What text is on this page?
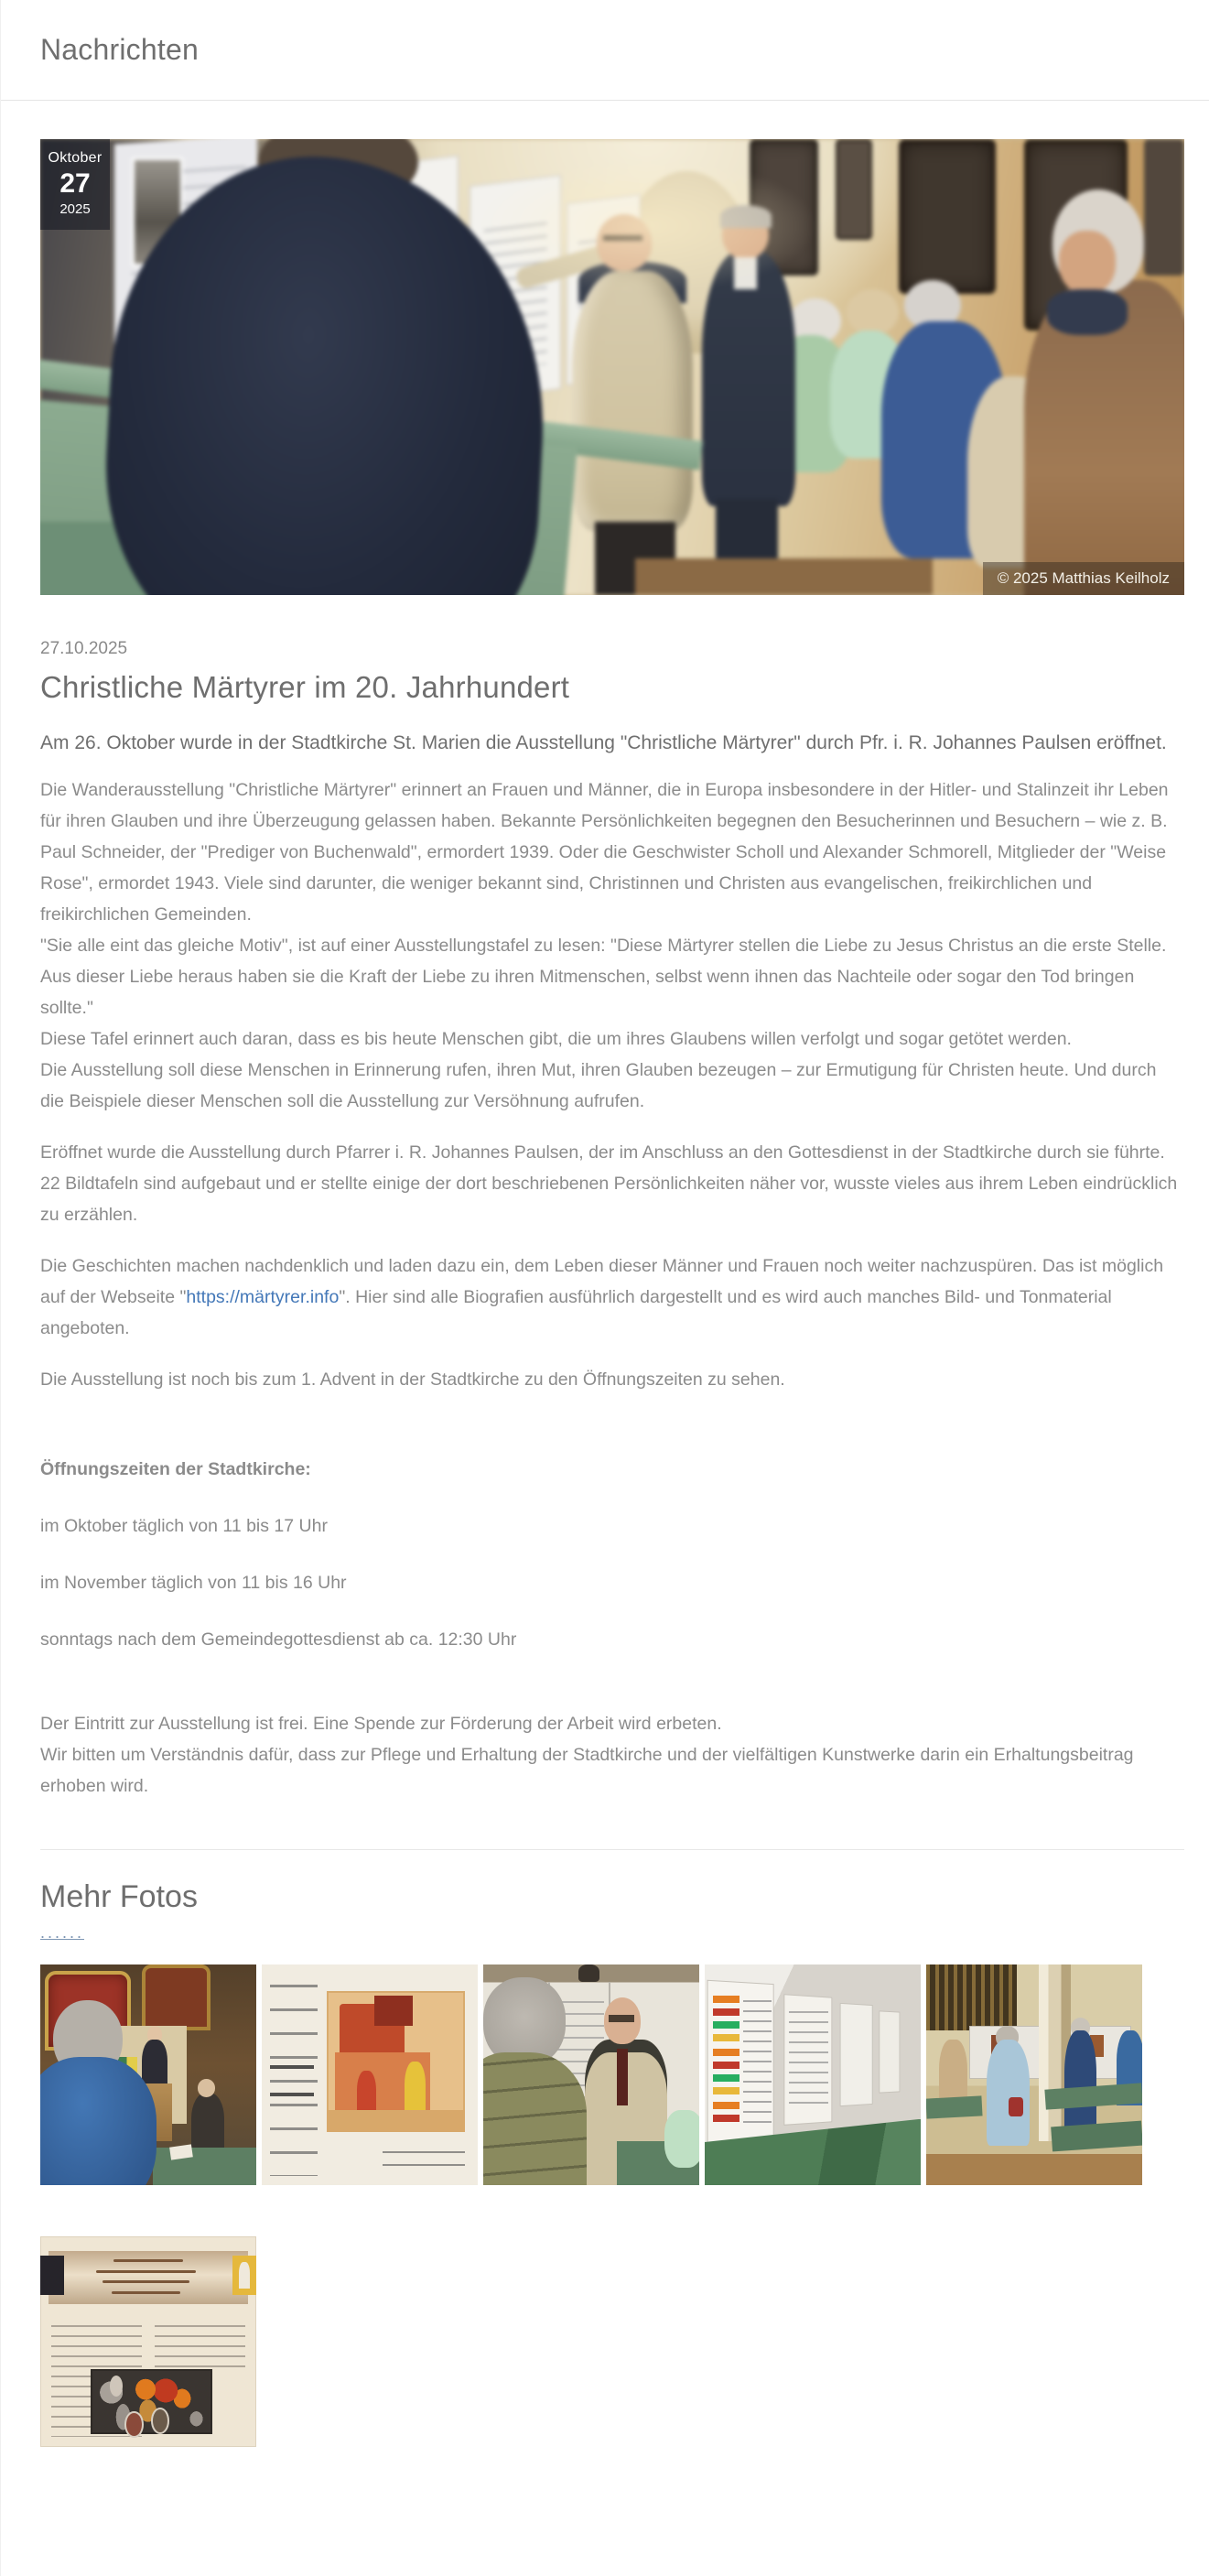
Nachrichten
Oktober
27
2025
© 2025 Matthias Keilholz

27.10.2025

Christliche Märtyrer im 20. Jahrhundert

Am 26. Oktober wurde in der Stadtkirche St. Marien die Ausstellung "Christliche Märtyrer" durch Pfr. i. R. Johannes Paulsen eröffnet.

Die Wanderausstellung "Christliche Märtyrer" erinnert an Frauen und Männer, die in Europa insbesondere in der Hitler- und Stalinzeit ihr Leben für ihren Glauben und ihre Überzeugung gelassen haben. Bekannte Persönlichkeiten begegnen den Besucherinnen und Besuchern – wie z. B. Paul Schneider, der "Prediger von Buchenwald", ermordert 1939. Oder die Geschwister Scholl und Alexander Schmorell, Mitglieder der "Weise Rose", ermordet 1943. Viele sind darunter, die weniger bekannt sind, Christinnen und Christen aus evangelischen, freikirchlichen und freikirchlichen Gemeinden.

"Sie alle eint das gleiche Motiv", ist auf einer Ausstellungstafel zu lesen: "Diese Märtyrer stellen die Liebe zu Jesus Christus an die erste Stelle. Aus dieser Liebe heraus haben sie die Kraft der Liebe zu ihren Mitmenschen, selbst wenn ihnen das Nachteile oder sogar den Tod bringen sollte."

Diese Tafel erinnert auch daran, dass es bis heute Menschen gibt, die um ihres Glaubens willen verfolgt und sogar getötet werden.

Die Ausstellung soll diese Menschen in Erinnerung rufen, ihren Mut, ihren Glauben bezeugen – zur Ermutigung für Christen heute. Und durch die Beispiele dieser Menschen soll die Ausstellung zur Versöhnung aufrufen.

Eröffnet wurde die Ausstellung durch Pfarrer i. R. Johannes Paulsen, der im Anschluss an den Gottesdienst in der Stadtkirche durch sie führte. 22 Bildtafeln sind aufgebaut und er stellte einige der dort beschriebenen Persönlichkeiten näher vor, wusste vieles aus ihrem Leben eindrücklich zu erzählen.

Die Geschichten machen nachdenklich und laden dazu ein, dem Leben dieser Männer und Frauen noch weiter nachzuspüren. Das ist möglich auf der Webseite "https://märtyrer.info". Hier sind alle Biografien ausführlich dargestellt und es wird auch manches Bild- und Tonmaterial angeboten.

Die Ausstellung ist noch bis zum 1. Advent in der Stadtkirche zu den Öffnungszeiten zu sehen.

Öffnungszeiten der Stadtkirche:

im Oktober täglich von 11 bis 17 Uhr

im November täglich von 11 bis 16 Uhr

sonntags nach dem Gemeindegottesdienst ab ca. 12:30 Uhr

Der Eintritt zur Ausstellung ist frei. Eine Spende zur Förderung der Arbeit wird erbeten.

Wir bitten um Verständnis dafür, dass zur Pflege und Erhaltung der Stadtkirche und der vielfältigen Kunstwerke darin ein Erhaltungsbeitrag erhoben wird.

Mehr Fotos
......
